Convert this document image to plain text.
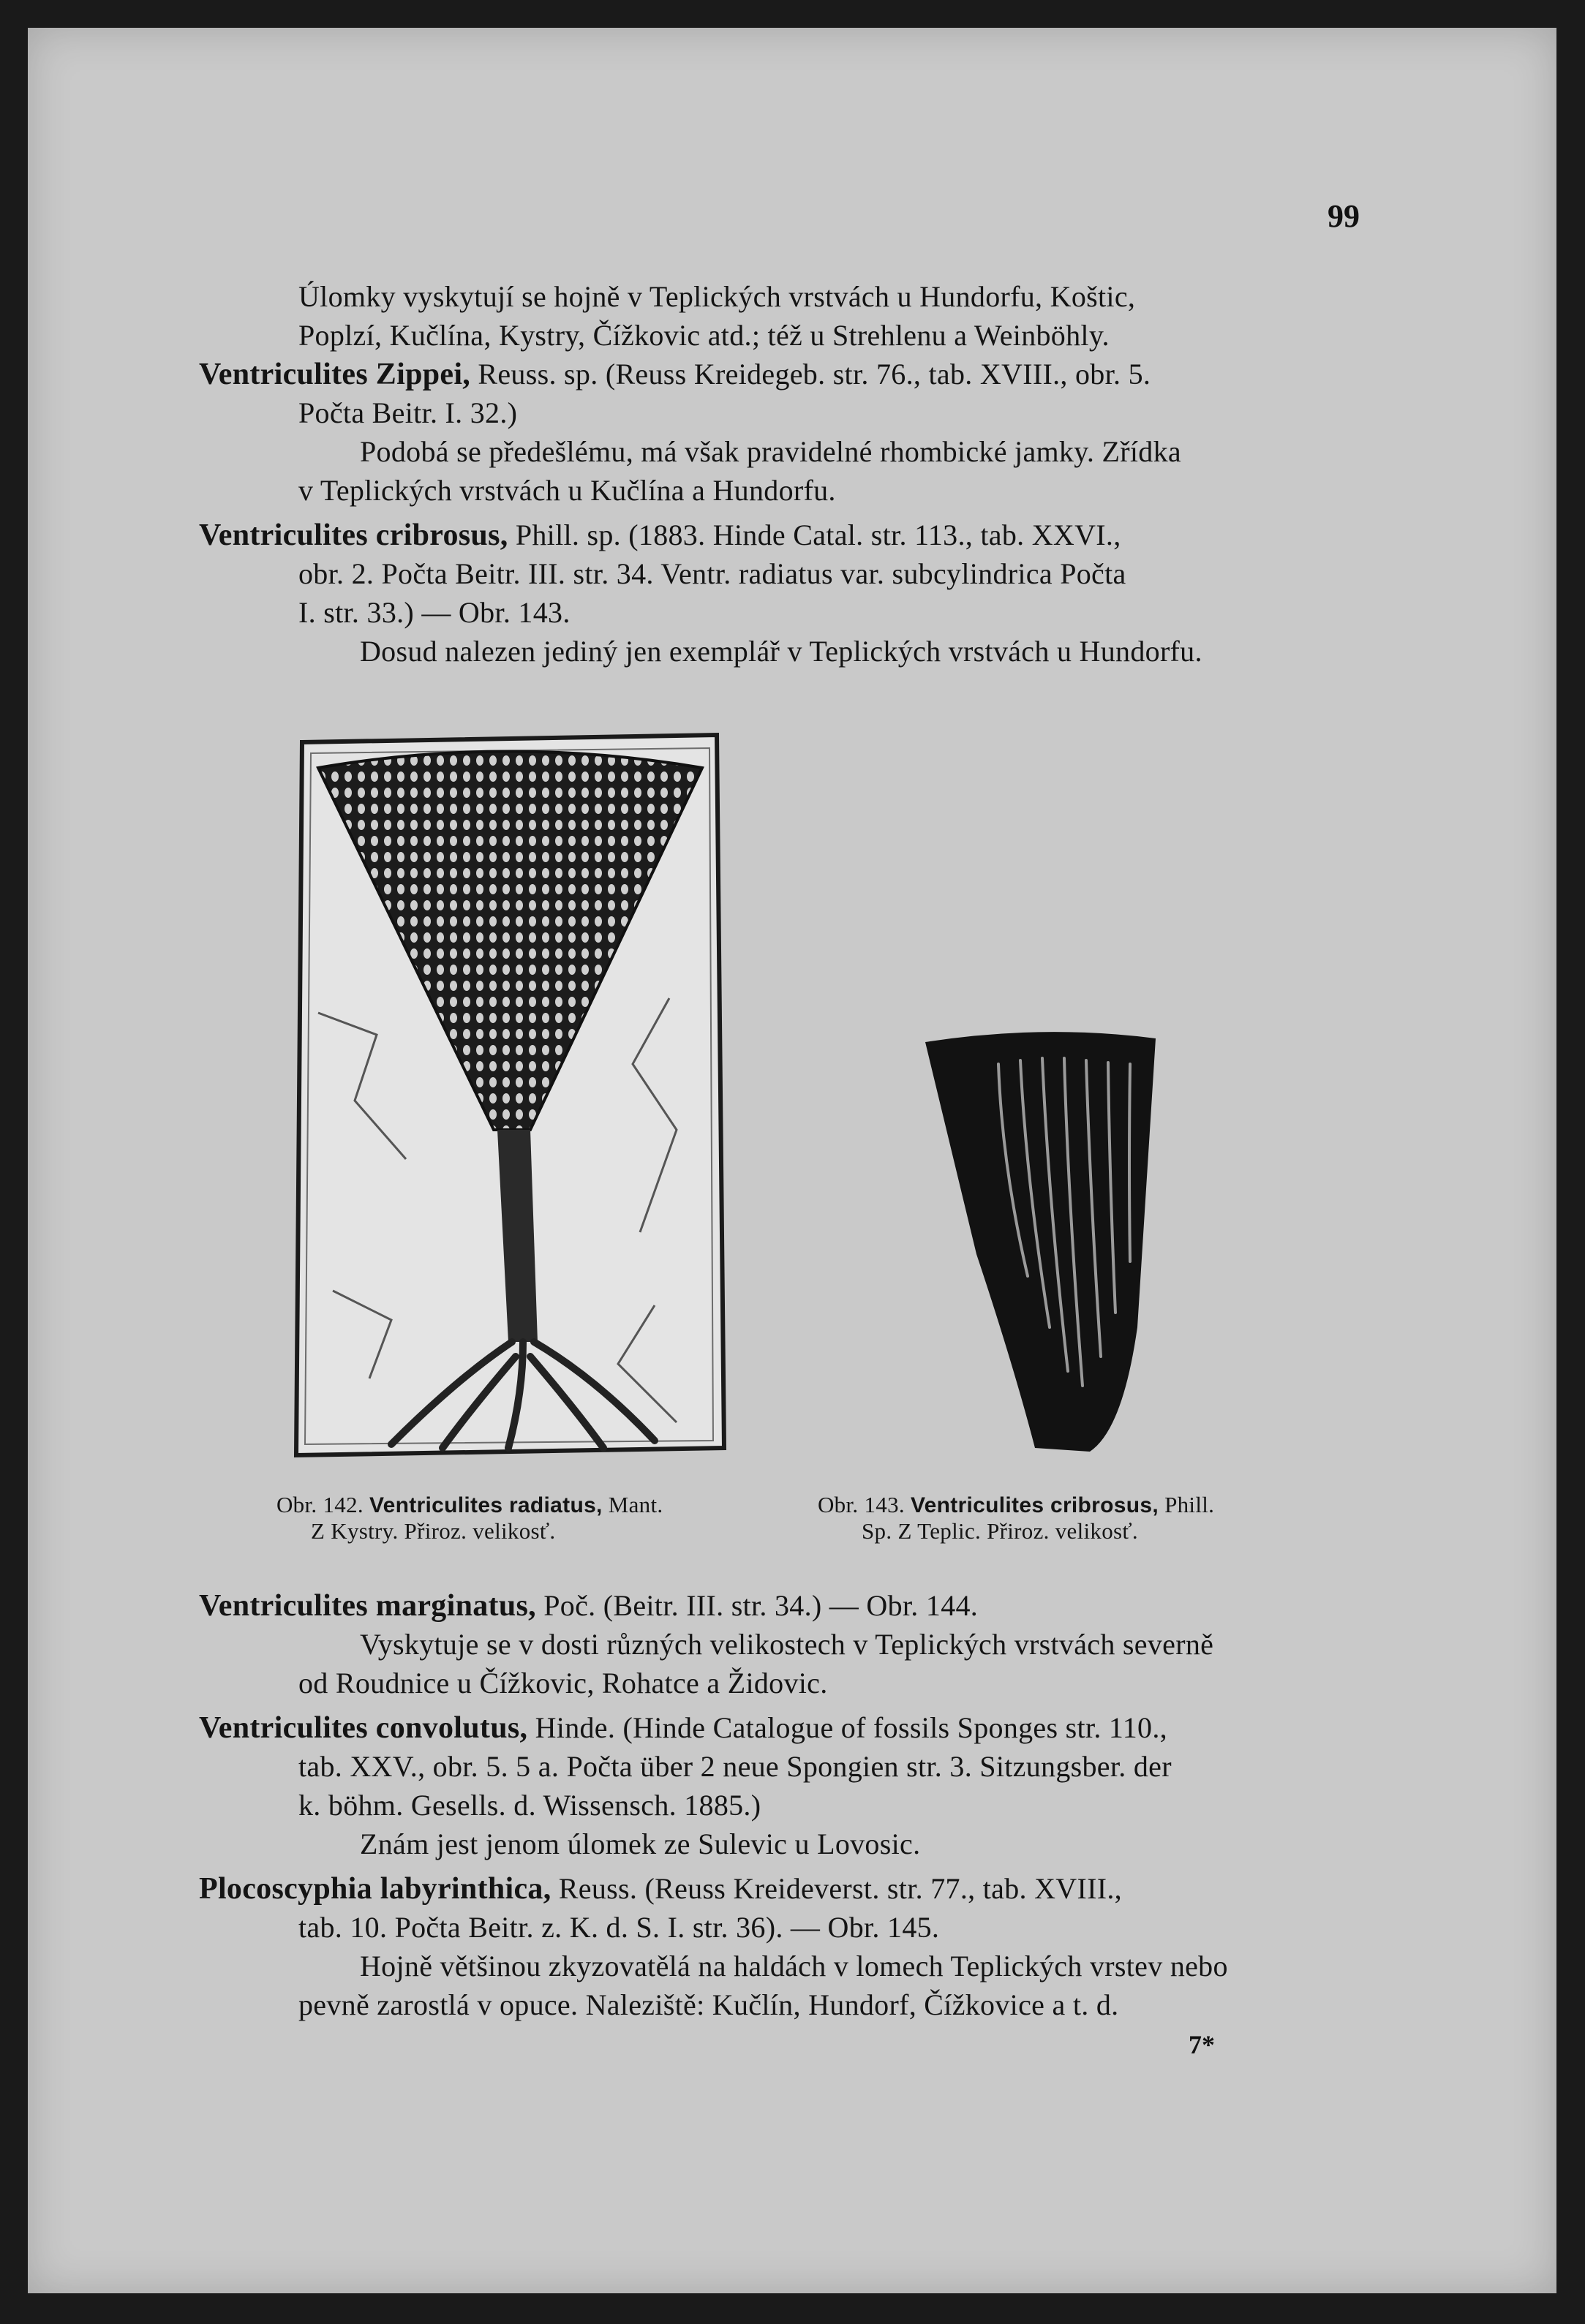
99
Úlomky vyskytují se hojně v Teplických vrstvách u Hundorfu, Koštic,
Poplzí, Kučlína, Kystry, Čížkovic atd.; též u Strehlenu a Weinböhly.
Ventriculites Zippei, Reuss. sp. (Reuss Kreidegeb. str. 76., tab. XVIII., obr. 5.
Počta Beitr. I. 32.)
Podobá se předešlému, má však pravidelné rhombické jamky. Zřídka
v Teplických vrstvách u Kučlína a Hundorfu.
Ventriculites cribrosus, Phill. sp. (1883. Hinde Catal. str. 113., tab. XXVI.,
obr. 2. Počta Beitr. III. str. 34. Ventr. radiatus var. subcylindrica Počta
I. str. 33.) — Obr. 143.
Dosud nalezen jediný jen exemplář v Teplických vrstvách u Hundorfu.
Obr. 142. Ventriculites radiatus, Mant.
Z Kystry. Přiroz. velikosť.
Obr. 143. Ventriculites cribrosus, Phill.
Sp. Z Teplic. Přiroz. velikosť.
Ventriculites marginatus, Poč. (Beitr. III. str. 34.) — Obr. 144.
Vyskytuje se v dosti různých velikostech v Teplických vrstvách severně
od Roudnice u Čížkovic, Rohatce a Židovic.
Ventriculites convolutus, Hinde. (Hinde Catalogue of fossils Sponges str. 110.,
tab. XXV., obr. 5. 5 a. Počta über 2 neue Spongien str. 3. Sitzungsber. der
k. böhm. Gesells. d. Wissensch. 1885.)
Znám jest jenom úlomek ze Sulevic u Lovosic.
Plocoscyphia labyrinthica, Reuss. (Reuss Kreideverst. str. 77., tab. XVIII.,
tab. 10. Počta Beitr. z. K. d. S. I. str. 36). — Obr. 145.
Hojně většinou zkyzovatělá na haldách v lomech Teplických vrstev nebo
pevně zarostlá v opuce. Naleziště: Kučlín, Hundorf, Čížkovice a t. d.
7*
